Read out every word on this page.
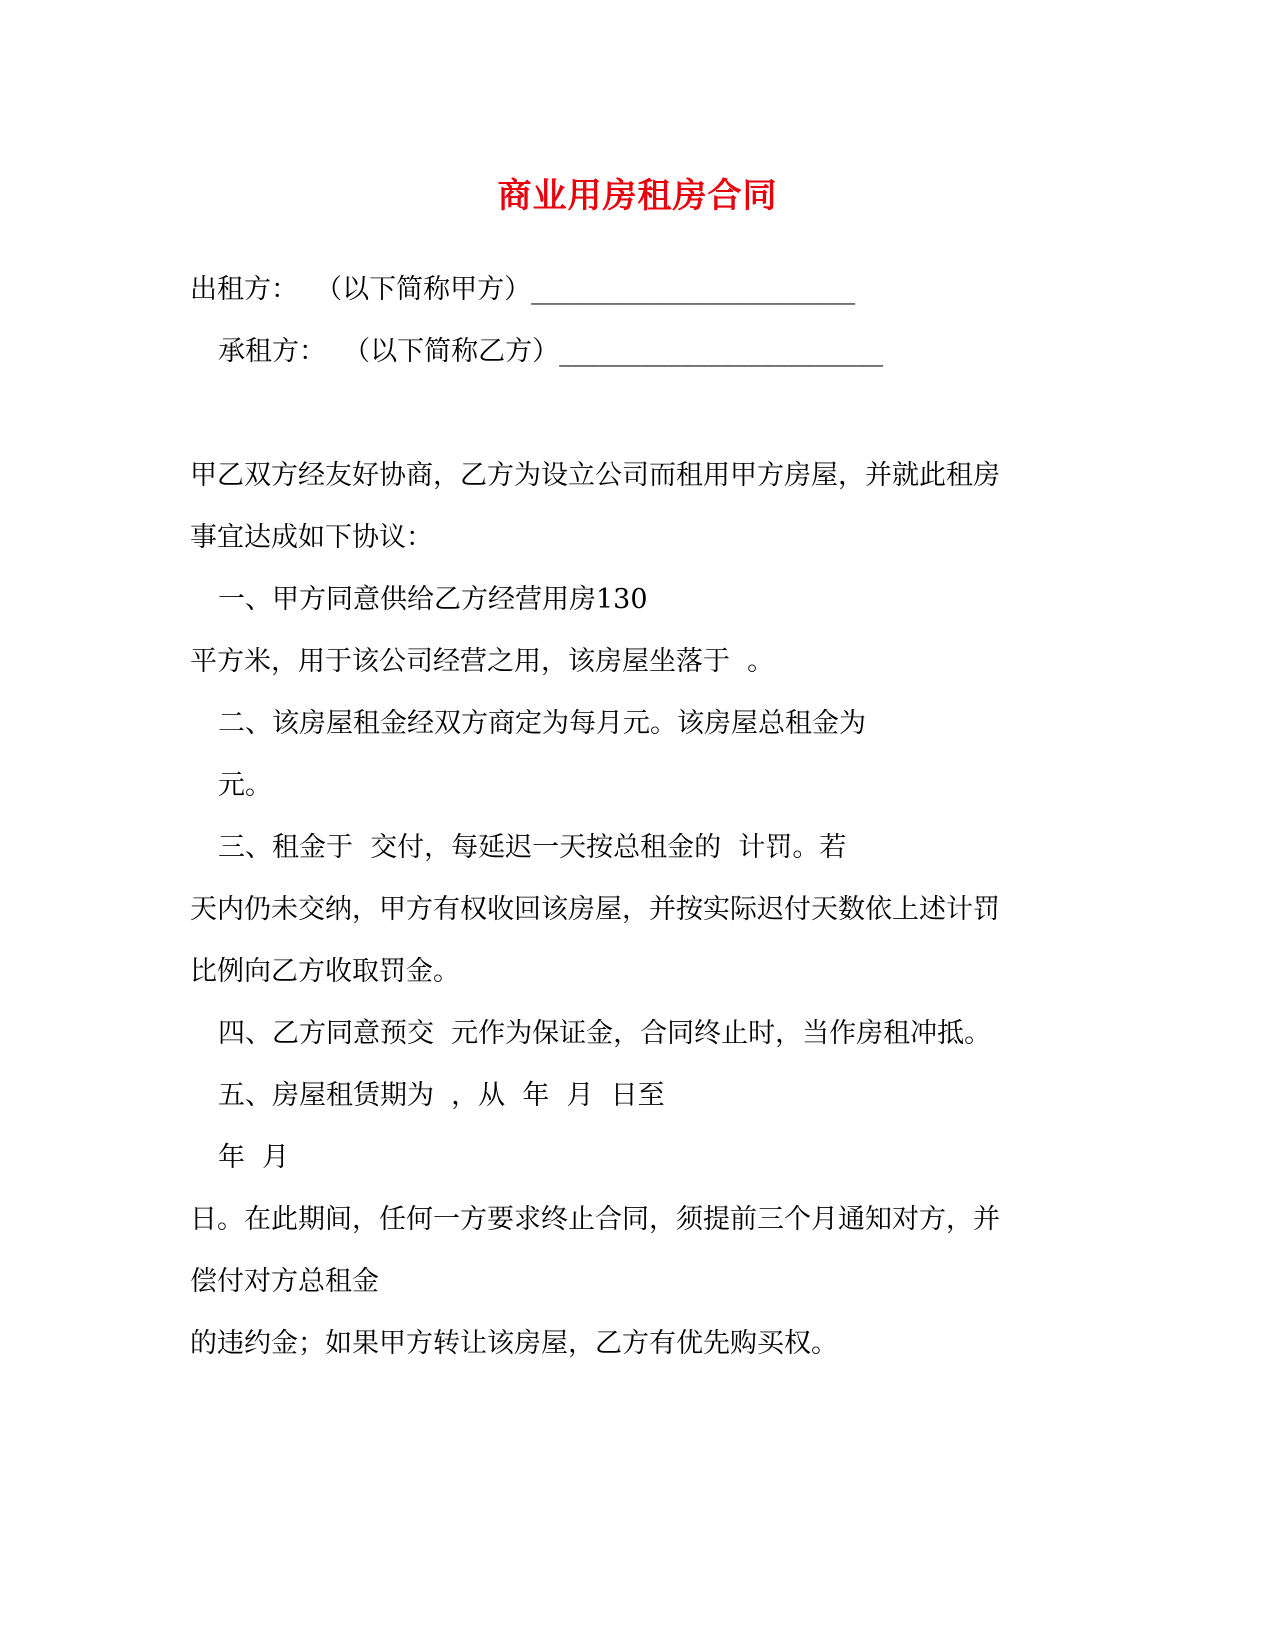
商业用房租房合同
出租方：  （以下简称甲方）________________________
承租方：  （以下简称乙方）________________________
甲乙双方经友好协商，乙方为设立公司而租用甲方房屋，并就此租房
事宜达成如下协议：
一、甲方同意供给乙方经营用房130
平方米，用于该公司经营之用，该房屋坐落于  。
二、该房屋租金经双方商定为每月元。该房屋总租金为
元。
三、租金于  交付，每延迟一天按总租金的  计罚。若
天内仍未交纳，甲方有权收回该房屋，并按实际迟付天数依上述计罚
比例向乙方收取罚金。
四、乙方同意预交  元作为保证金，合同终止时，当作房租冲抵。
五、房屋租赁期为  ，从  年  月  日至
年  月
日。在此期间，任何一方要求终止合同，须提前三个月通知对方，并
偿付对方总租金
的违约金；如果甲方转让该房屋，乙方有优先购买权。
